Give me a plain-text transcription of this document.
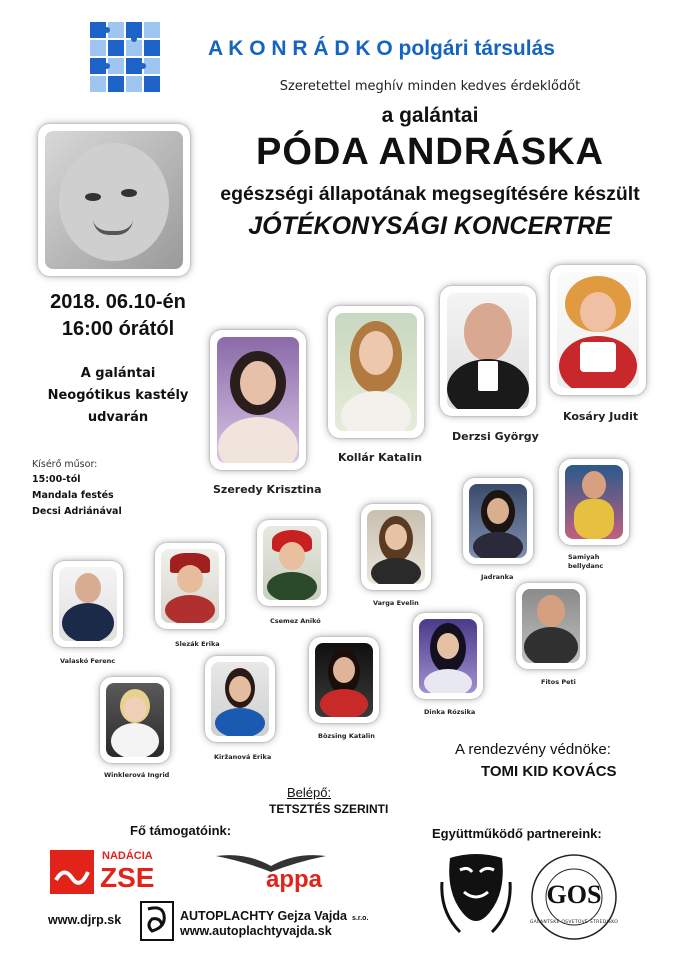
A K O N R Á D K O polgári társulás
Szeretettel meghív minden kedves érdeklődőt
a galántai
PÓDA ANDRÁSKA
egészségi állapotának megsegítésére készült
JÓTÉKONYSÁGI KONCERTRE
2018. 06.10-én
16:00 órától
A galántai
Neogótikus kastély
udvarán
Kísérő műsor:
15:00-tól
Mandala festés
Decsi Adriánával
Szeredy Krisztina
Kollár Katalin
Derzsi György
Kosáry Judit
Jadranka
Samiyah bellydanc
Varga Evelin
Csemez Anikó
Slezák Erika
Valaskó Ferenc
Fitos Peti
Dinka Rózsika
Bözsing Katalin
Kiržanová Erika
Winklerová Ingrid
A rendezvény védnöke:
TOMI KID KOVÁCS
Belépő:
TETSZTÉS SZERINTI
Fő támogatóink:
NADÁCIA
ZSE	appa
www.djrp.sk	AUTOPLACHTY Gejza Vajda s.r.o.
www.autoplachtyvajda.sk
Együttműködő partnereink:
GOS
GALANTSKÉ OSVETOVÉ STREDISKO
